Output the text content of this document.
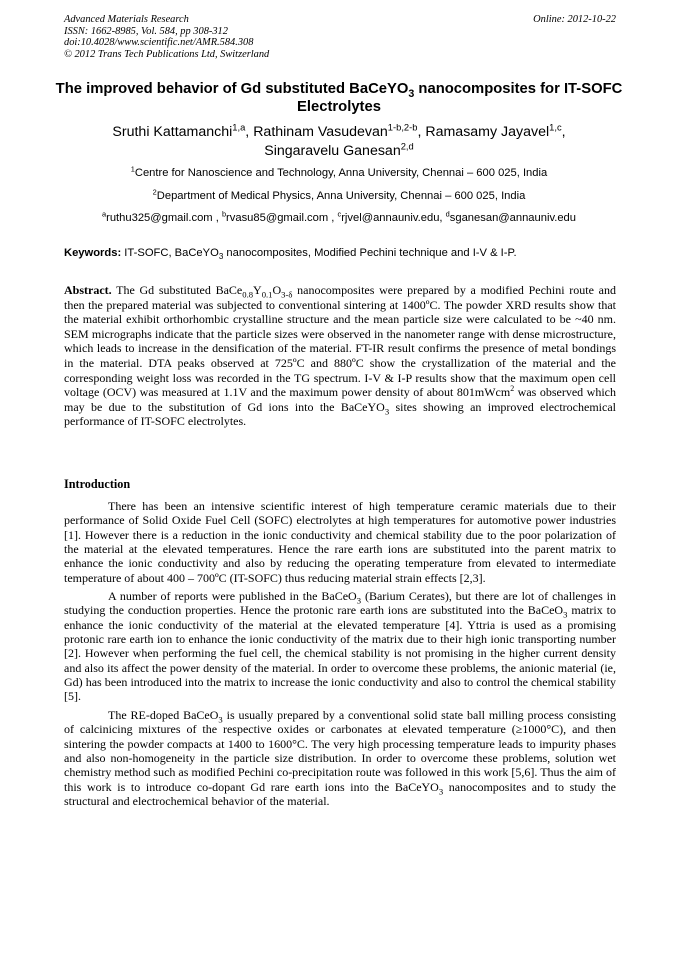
Advanced Materials Research
ISSN: 1662-8985, Vol. 584, pp 308-312
doi:10.4028/www.scientific.net/AMR.584.308
© 2012 Trans Tech Publications Ltd, Switzerland
Online: 2012-10-22
The improved behavior of Gd substituted BaCeYO$_3$ nanocomposites for IT-SOFC Electrolytes
Sruthi Kattamanchi$^{1,a}$, Rathinam Vasudevan$^{1-b,2-b}$, Ramasamy Jayavel$^{1,c}$,
Singaravelu Ganesan$^{2,d}$
$^1$Centre for Nanoscience and Technology, Anna University, Chennai – 600 025, India
$^2$Department of Medical Physics, Anna University, Chennai – 600 025, India
$^a$ruthu325@gmail.com , $^b$rvasu85@gmail.com , $^c$rjvel@annauniv.edu, $^d$sganesan@annauniv.edu
Keywords: IT-SOFC, BaCeYO$_3$ nanocomposites, Modified Pechini technique and I-V & I-P.
Abstract. The Gd substituted $BaCe_{0.8}Y_{0.1}O_{3-\delta}$ nanocomposites were prepared by a modified Pechini route and then the prepared material was subjected to conventional sintering at 1400ºC. The powder XRD results show that the material exhibit orthorhombic crystalline structure and the mean particle size were calculated to be ~40 nm. SEM micrographs indicate that the particle sizes were observed in the nanometer range with dense microstructure, which leads to increase in the densification of the material. FT-IR result confirms the presence of metal bondings in the material. DTA peaks observed at 725ºC and 880ºC show the crystallization of the material and the corresponding weight loss was recorded in the TG spectrum. I-V & I-P results show that the maximum open cell voltage (OCV) was measured at 1.1V and the maximum power density of about 801mWcm$^2$ was observed which may be due to the substitution of Gd ions into the BaCeYO$_3$ sites showing an improved electrochemical performance of IT-SOFC electrolytes.
Introduction

There has been an intensive scientific interest of high temperature ceramic materials due to their performance of Solid Oxide Fuel Cell (SOFC) electrolytes at high temperatures for automotive power industries [1]. However there is a reduction in the ionic conductivity and chemical stability due to the poor polarization of the material at the elevated temperatures. Hence the rare earth ions are substituted into the parent matrix to enhance the ionic conductivity and also by reducing the operating temperature from elevated to intermediate temperature of about 400 – 700ºC (IT-SOFC) thus reducing material strain effects [2,3].

A number of reports were published in the BaCeO$_3$ (Barium Cerates), but there are lot of challenges in studying the conduction properties. Hence the protonic rare earth ions are substituted into the BaCeO$_3$ matrix to enhance the ionic conductivity of the material at the elevated temperature [4]. Yttria is used as a promising protonic rare earth ion to enhance the ionic conductivity of the matrix due to their high ionic transporting number [2]. However when performing the fuel cell, the chemical stability is not promising in the higher current density and also its affect the power density of the material. In order to overcome these problems, the anionic material (ie, Gd) has been introduced into the matrix to increase the ionic conductivity and also to control the chemical stability [5].

The RE-doped BaCeO$_3$ is usually prepared by a conventional solid state ball milling process consisting of calcinicing mixtures of the respective oxides or carbonates at elevated temperature (≥1000°C), and then sintering the powder compacts at 1400 to 1600°C. The very high processing temperature leads to impurity phases and also non-homogeneity in the particle size distribution. In order to overcome these problems, solution wet chemistry method such as modified Pechini co-precipitation route was followed in this work [5,6]. Thus the aim of this work is to introduce co-dopant Gd rare earth ions into the BaCeYO$_3$ nanocomposites and to study the structural and electrochemical behavior of the material.
